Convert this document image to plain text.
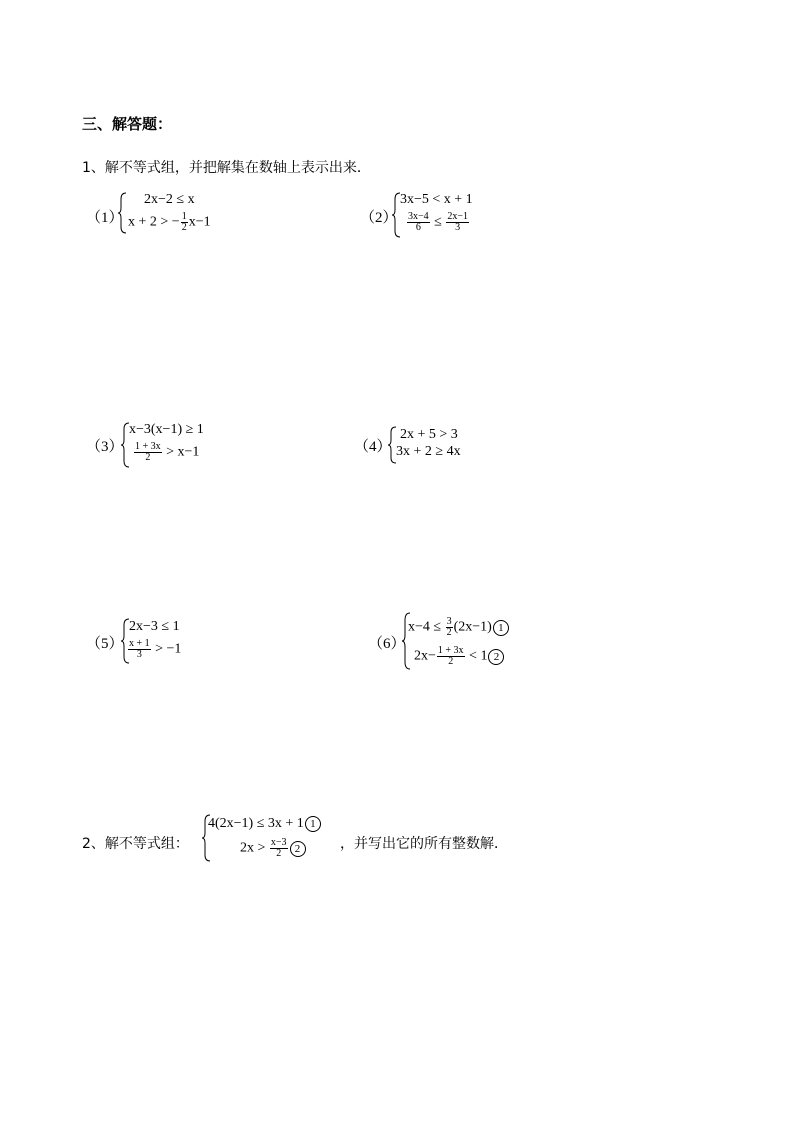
三、解答题：
1、解不等式组，并把解集在数轴上表示出来．
（1）
2x−2 ≤ x
x + 2 > − $\frac{1}{2} x-1$	（2）
3x−5 < x + 1
$\frac{3x-4}{6} \le \frac{2x-1}{3}$
（3）
x−3(x−1) ≥ 1
$\frac{1 + 3x}{2} > x-1$	（4）
2x + 5 > 3
3x + 2 ≥ 4x
（5）
2x−3 ≤ 1
$\frac{x + 1}{3} > -1$	（6）
$x-4 \le \frac{3}{2} (2x-1)$ 1
$2x- \frac{1 + 3x}{2} < 1$ 2
2、解不等式组：
4(2x−1) ≤ 3x + 1 1
$2x > \frac{x-3}{2} 2$	，并写出它的所有整数解．
